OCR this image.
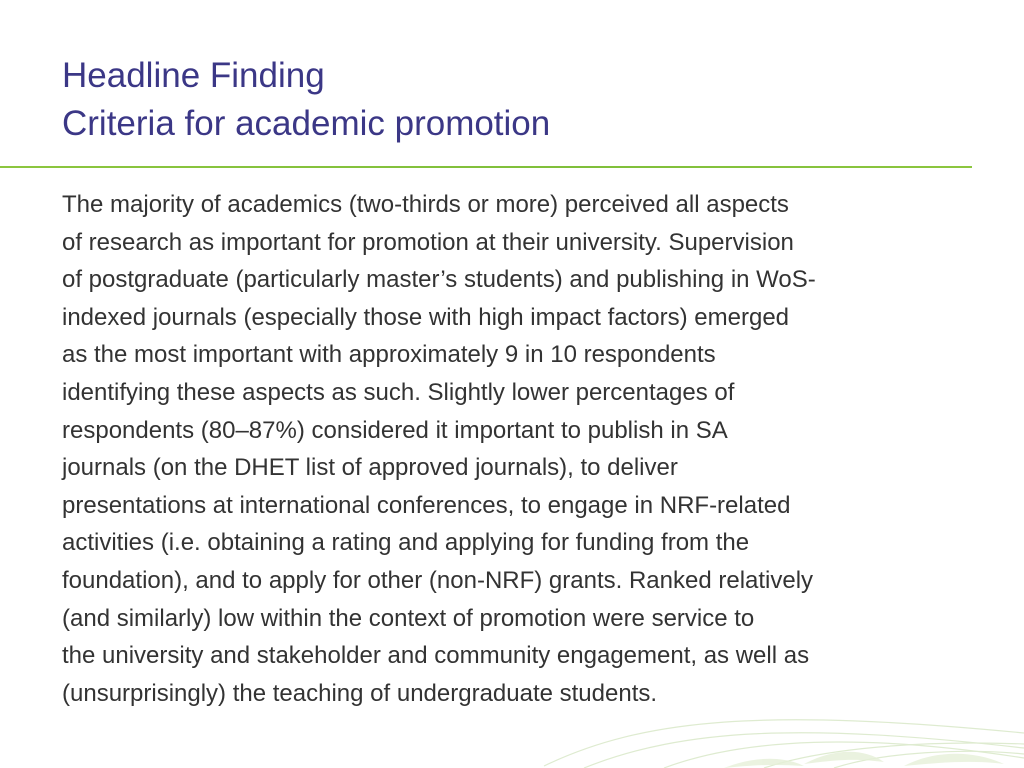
Headline Finding
Criteria for academic promotion
The majority of academics (two-thirds or more) perceived all aspects
of research as important for promotion at their university. Supervision
of postgraduate (particularly master’s students) and publishing in WoS-
indexed journals (especially those with high impact factors) emerged
as the most important with approximately 9 in 10 respondents
identifying these aspects as such. Slightly lower percentages of
respondents (80–87%) considered it important to publish in SA
journals (on the DHET list of approved journals), to deliver
presentations at international conferences, to engage in NRF-related
activities (i.e. obtaining a rating and applying for funding from the
foundation), and to apply for other (non-NRF) grants. Ranked relatively
(and similarly) low within the context of promotion were service to
the university and stakeholder and community engagement, as well as
(unsurprisingly) the teaching of undergraduate students.
